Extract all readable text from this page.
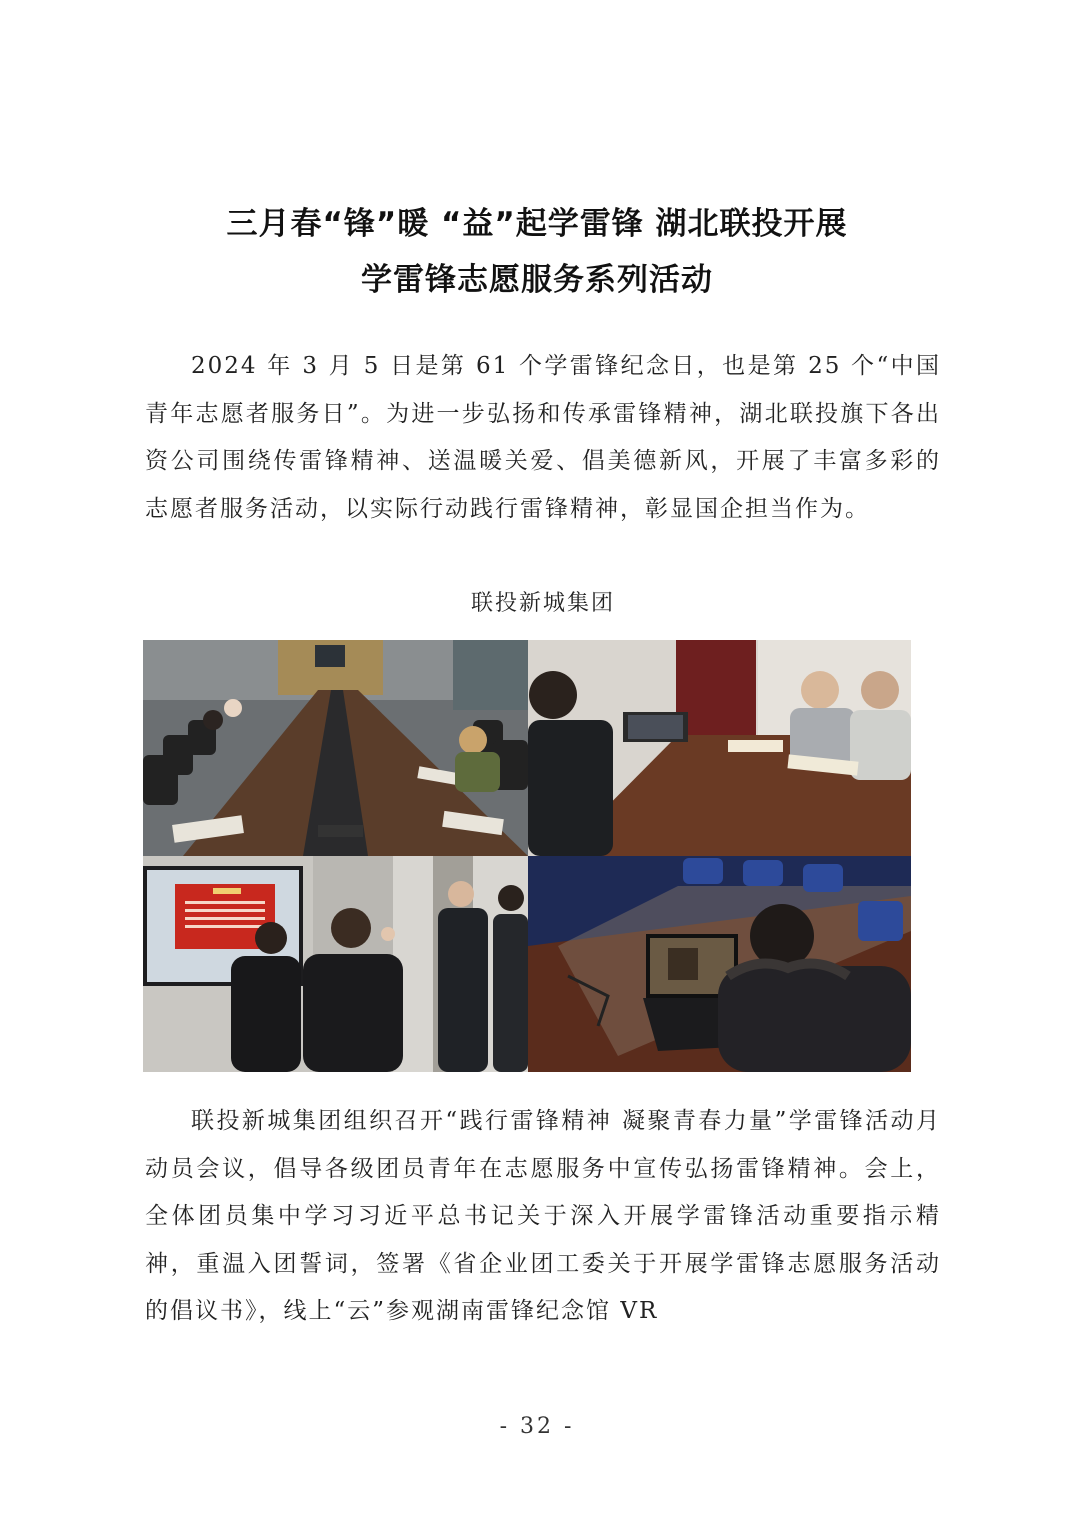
三月春“锋”暖 “益”起学雷锋 湖北联投开展
学雷锋志愿服务系列活动
2024 年 3 月 5 日是第 61 个学雷锋纪念日，也是第 25 个“中国青年志愿者服务日”。为进一步弘扬和传承雷锋精神，湖北联投旗下各出资公司围绕传雷锋精神、送温暖关爱、倡美德新风，开展了丰富多彩的志愿者服务活动，以实际行动践行雷锋精神，彰显国企担当作为。
联投新城集团
联投新城集团组织召开“践行雷锋精神 凝聚青春力量”学雷锋活动月动员会议，倡导各级团员青年在志愿服务中宣传弘扬雷锋精神。会上，全体团员集中学习习近平总书记关于深入开展学雷锋活动重要指示精神，重温入团誓词，签署《省企业团工委关于开展学雷锋志愿服务活动的倡议书》，线上“云”参观湖南雷锋纪念馆 VR
- 32 -
